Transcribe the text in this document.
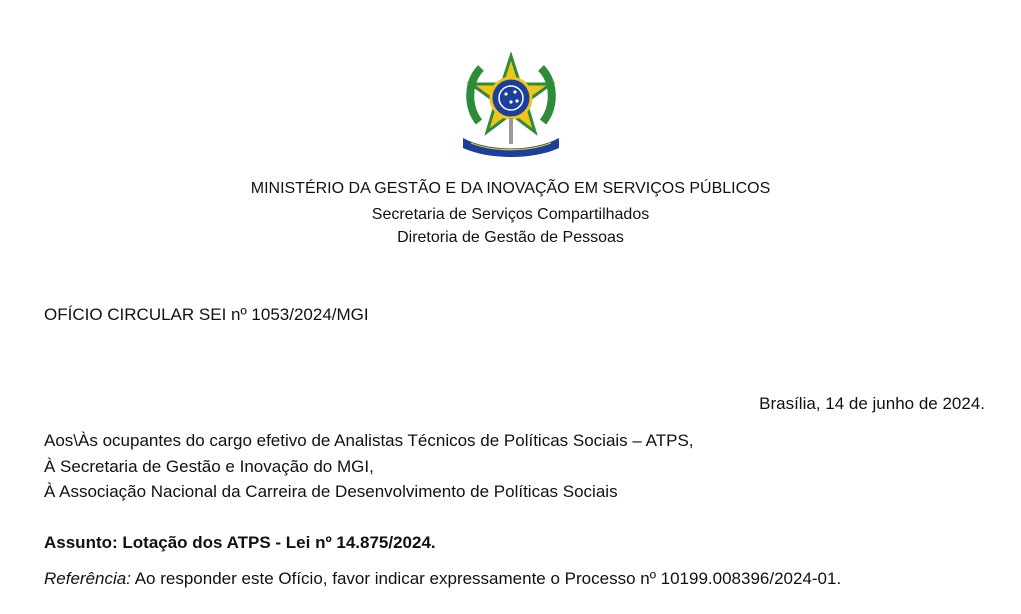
MINISTÉRIO DA GESTÃO E DA INOVAÇÃO EM SERVIÇOS PÚBLICOS
Secretaria de Serviços Compartilhados
Diretoria de Gestão de Pessoas
OFÍCIO CIRCULAR SEI nº 1053/2024/MGI
Brasília, 14 de junho de 2024.
Aos\Às ocupantes do cargo efetivo de Analistas Técnicos de Políticas Sociais – ATPS,
À Secretaria de Gestão e Inovação do MGI,
À Associação Nacional da Carreira de Desenvolvimento de Políticas Sociais
Assunto: Lotação dos ATPS - Lei nº 14.875/2024.
Referência: Ao responder este Ofício, favor indicar expressamente o Processo nº 10199.008396/2024-01.
